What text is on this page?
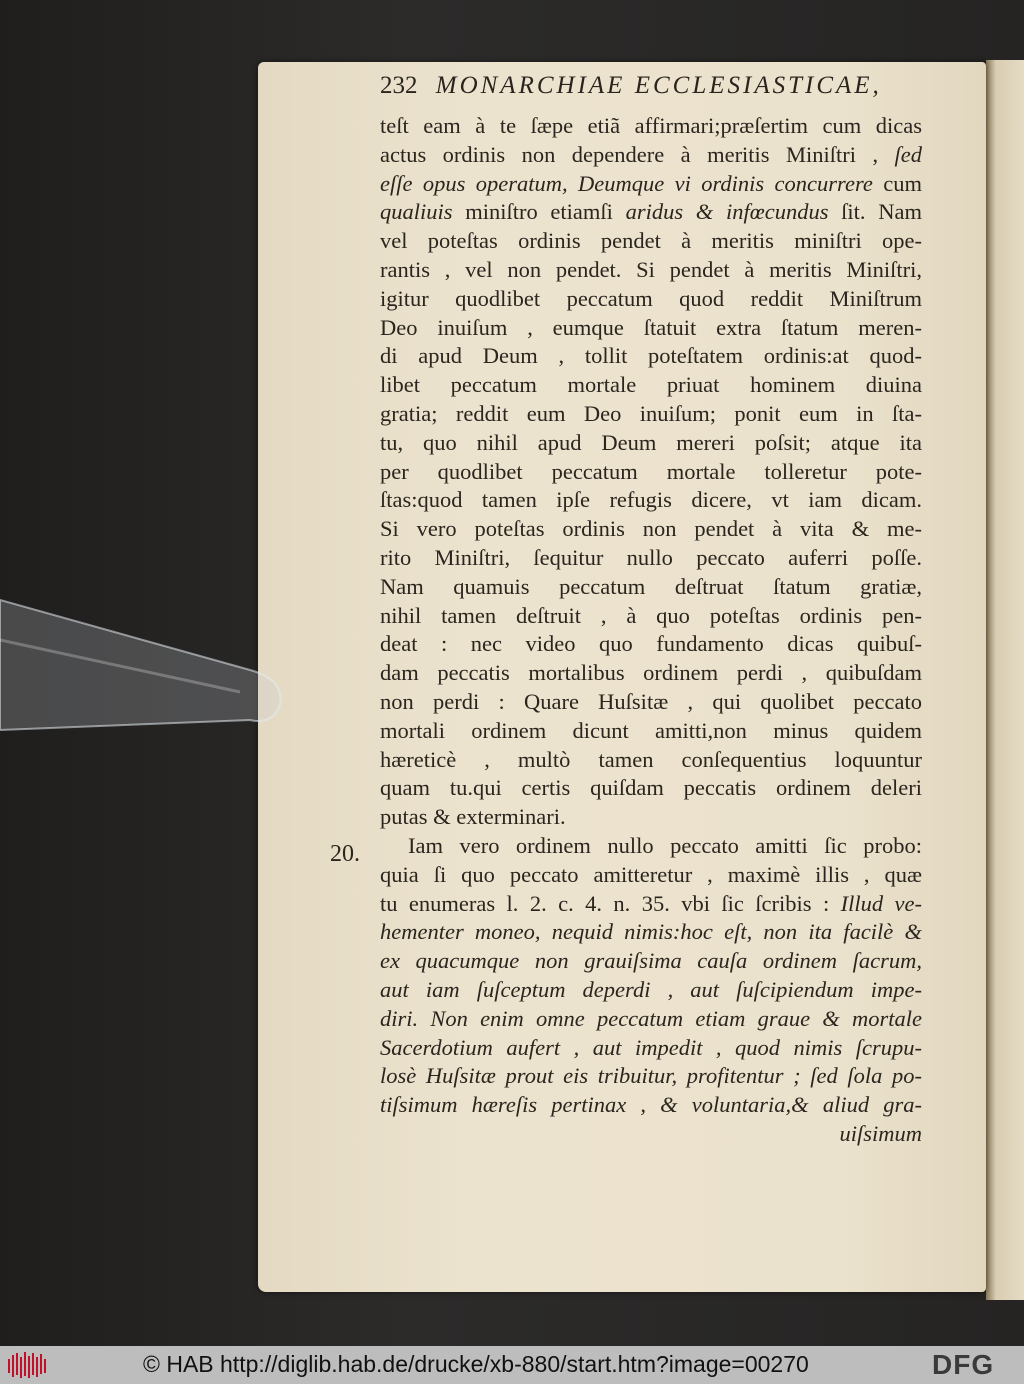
232 MONARCHIAE ECCLESIASTICAE,
20.
teſt eam à te ſæpe etiã affirmari;præſertim cum dicas
actus ordinis non dependere à meritis Miniſtri , ſed
eſſe opus operatum, Deumque vi ordinis concurrere cum
qualiuis miniſtro etiamſi aridus & infœcundus ſit. Nam
vel poteſtas ordinis pendet à meritis miniſtri ope-
rantis , vel non pendet. Si pendet à meritis Miniſtri,
igitur quodlibet peccatum quod reddit Miniſtrum
Deo inuiſum , eumque ſtatuit extra ſtatum meren-
di apud Deum , tollit poteſtatem ordinis:at quod-
libet peccatum mortale priuat hominem diuina
gratia; reddit eum Deo inuiſum; ponit eum in ſta-
tu, quo nihil apud Deum mereri poſsit; atque ita
per quodlibet peccatum mortale tolleretur pote-
ſtas:quod tamen ipſe refugis dicere, vt iam dicam.
Si vero poteſtas ordinis non pendet à vita & me-
rito Miniſtri, ſequitur nullo peccato auferri poſſe.
Nam quamuis peccatum deſtruat ſtatum gratiæ,
nihil tamen deſtruit , à quo poteſtas ordinis pen-
deat : nec video quo fundamento dicas quibuſ-
dam peccatis mortalibus ordinem perdi , quibuſdam
non perdi : Quare Huſsitæ , qui quolibet peccato
mortali ordinem dicunt amitti,non minus quidem
hæreticè , multò tamen conſequentius loquuntur
quam tu.qui certis quiſdam peccatis ordinem deleri
putas & exterminari.
Iam vero ordinem nullo peccato amitti ſic probo:
quia ſi quo peccato amitteretur , maximè illis , quæ
tu enumeras l. 2. c. 4. n. 35. vbi ſic ſcribis : Illud ve-
hementer moneo, nequid nimis:hoc eſt, non ita facilè &
ex quacumque non grauiſsima cauſa ordinem ſacrum,
aut iam ſuſceptum deperdi , aut ſuſcipiendum impe-
diri. Non enim omne peccatum etiam graue & mortale
Sacerdotium aufert , aut impedit , quod nimis ſcrupu-
losè Huſsitæ prout eis tribuitur, profitentur ; ſed ſola po-
tiſsimum hæreſis pertinax , & voluntaria,& aliud gra-
uiſsimum
© HAB http://diglib.hab.de/drucke/xb-880/start.htm?image=00270	DFG
